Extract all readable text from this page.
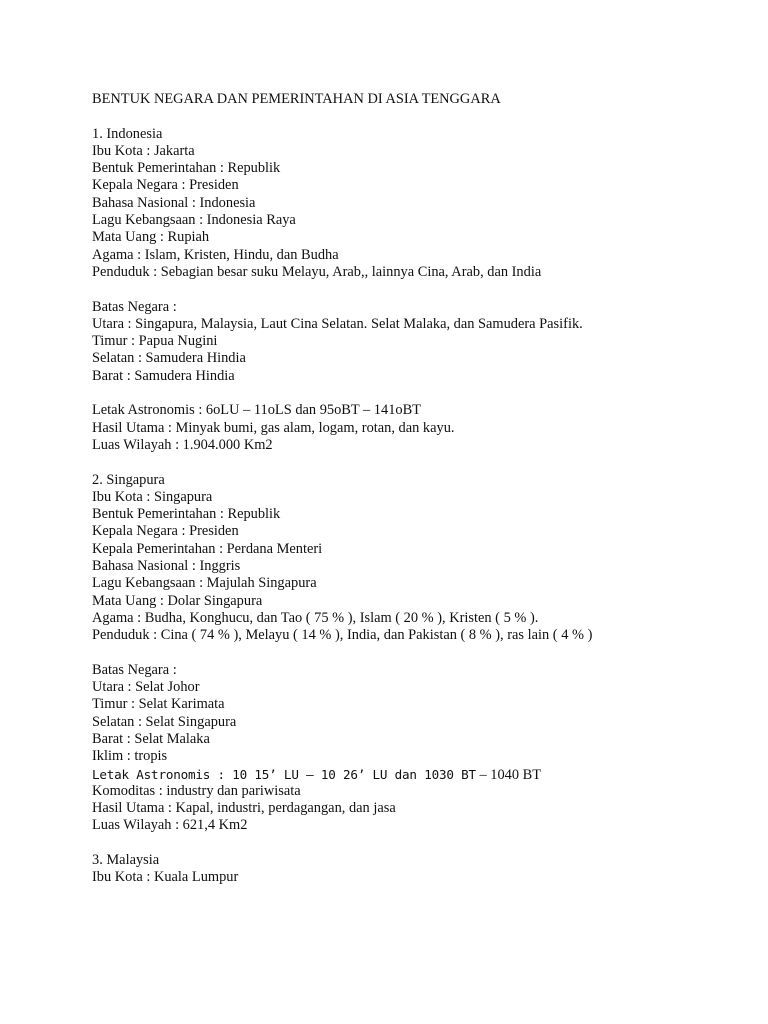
BENTUK NEGARA DAN PEMERINTAHAN DI ASIA TENGGARA
1. Indonesia
Ibu Kota : Jakarta
Bentuk Pemerintahan : Republik
Kepala Negara : Presiden
Bahasa Nasional : Indonesia
Lagu Kebangsaan : Indonesia Raya
Mata Uang : Rupiah
Agama : Islam, Kristen, Hindu, dan Budha
Penduduk : Sebagian besar suku Melayu, Arab,, lainnya Cina, Arab, dan India
Batas Negara :
Utara : Singapura, Malaysia, Laut Cina Selatan. Selat Malaka, dan Samudera Pasifik.
Timur : Papua Nugini
Selatan : Samudera Hindia
Barat : Samudera Hindia
Letak Astronomis : 6oLU – 11oLS dan 95oBT – 141oBT
Hasil Utama : Minyak bumi, gas alam, logam, rotan, dan kayu.
Luas Wilayah : 1.904.000 Km2
2. Singapura
Ibu Kota : Singapura
Bentuk Pemerintahan : Republik
Kepala Negara : Presiden
Kepala Pemerintahan : Perdana Menteri
Bahasa Nasional : Inggris
Lagu Kebangsaan : Majulah Singapura
Mata Uang : Dolar Singapura
Agama : Budha, Konghucu, dan Tao ( 75 % ), Islam ( 20 % ), Kristen ( 5 % ).
Penduduk : Cina ( 74 % ), Melayu ( 14 % ), India, dan Pakistan ( 8 % ), ras lain ( 4 % )
Batas Negara :
Utara : Selat Johor
Timur : Selat Karimata
Selatan : Selat Singapura
Barat : Selat Malaka
Iklim : tropis
Letak Astronomis : 10 15’ LU – 10 26’ LU dan 1030 BT – 1040 BT
Komoditas : industry dan pariwisata
Hasil Utama : Kapal, industri, perdagangan, dan jasa
Luas Wilayah : 621,4 Km2
3. Malaysia
Ibu Kota : Kuala Lumpur
